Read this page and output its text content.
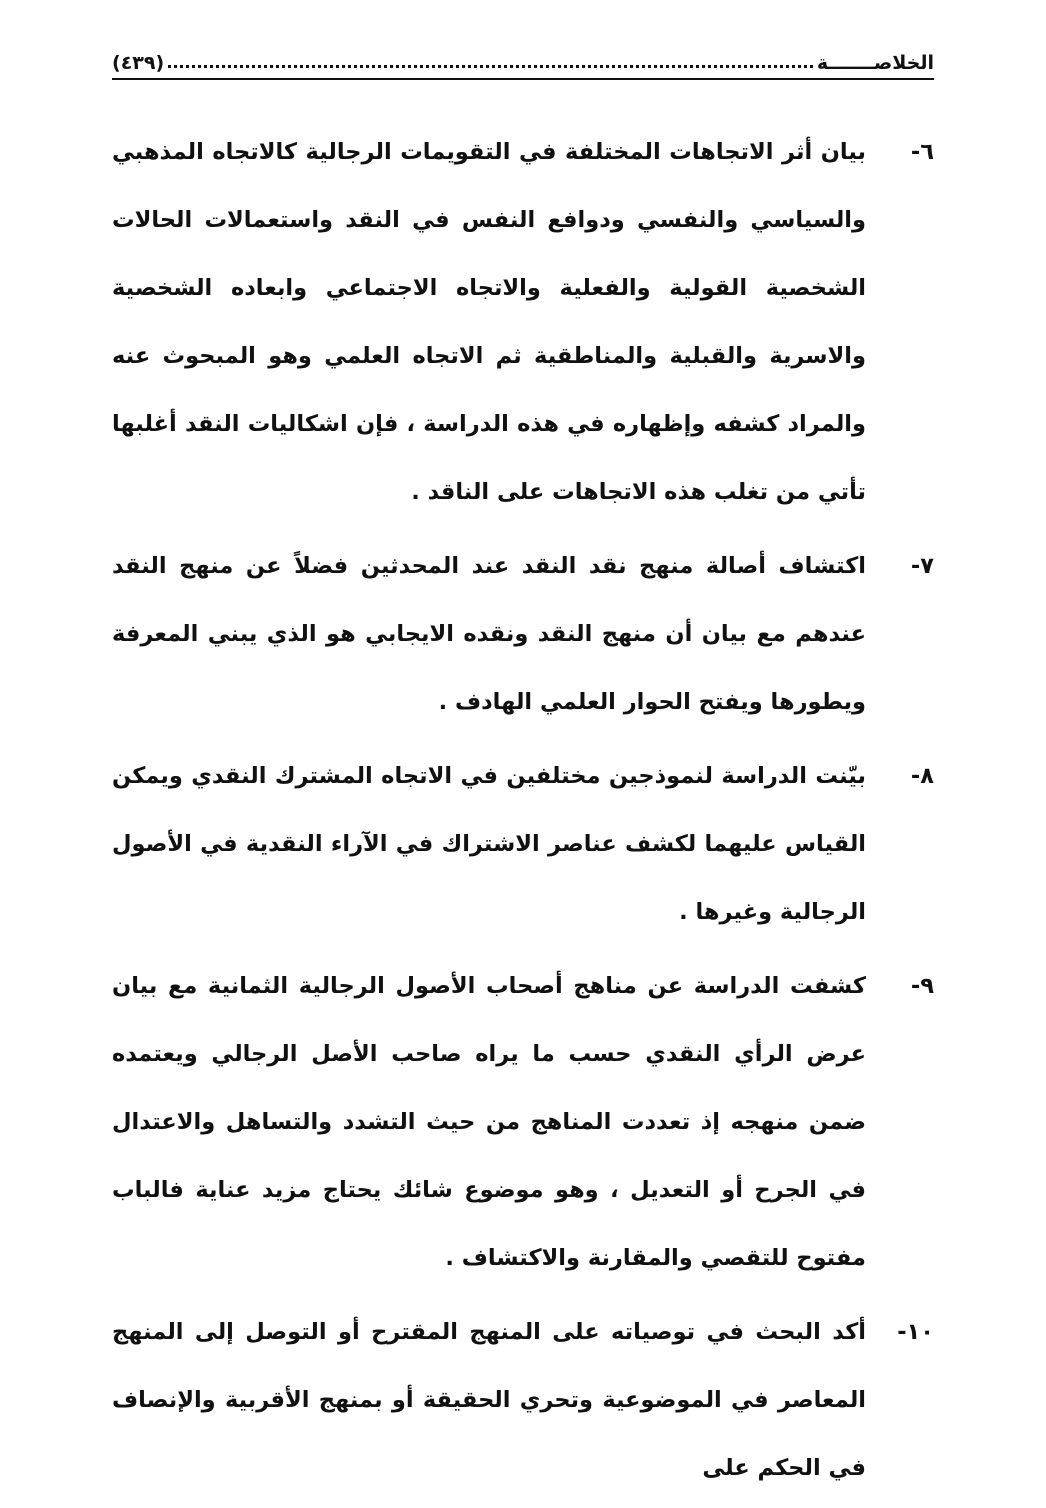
الخلاصـــــــة
(٤٣٩)
٦-
بيان أثر الاتجاهات المختلفة في التقويمات الرجالية كالاتجاه المذهبي والسياسي والنفسي ودوافع النفس في النقد واستعمالات الحالات الشخصية القولية والفعلية والاتجاه الاجتماعي وابعاده الشخصية والاسرية والقبلية والمناطقية ثم الاتجاه العلمي وهو المبحوث عنه والمراد كشفه وإظهاره في هذه الدراسة ، فإن اشكاليات النقد أغلبها تأتي من تغلب هذه الاتجاهات على الناقد .
٧-
اكتشاف أصالة منهج نقد النقد عند المحدثين فضلاً عن منهج النقد عندهم مع بيان أن منهج النقد ونقده الايجابي هو الذي يبني المعرفة ويطورها ويفتح الحوار العلمي الهادف .
٨-
بيّنت الدراسة لنموذجين مختلفين في الاتجاه المشترك النقدي ويمكن القياس عليهما لكشف عناصر الاشتراك في الآراء النقدية في الأصول الرجالية وغيرها .
٩-
كشفت الدراسة عن مناهج أصحاب الأصول الرجالية الثمانية مع بيان عرض الرأي النقدي حسب ما يراه صاحب الأصل الرجالي ويعتمده ضمن منهجه إذ تعددت المناهج من حيث التشدد والتساهل والاعتدال في الجرح أو التعديل ، وهو موضوع شائك يحتاج مزيد عناية فالباب مفتوح للتقصي والمقارنة والاكتشاف .
١٠-
أكد البحث في توصياته على المنهج المقترح أو التوصل إلى المنهج المعاصر في الموضوعية وتحري الحقيقة أو بمنهج الأقربية والإنصاف في الحكم على
